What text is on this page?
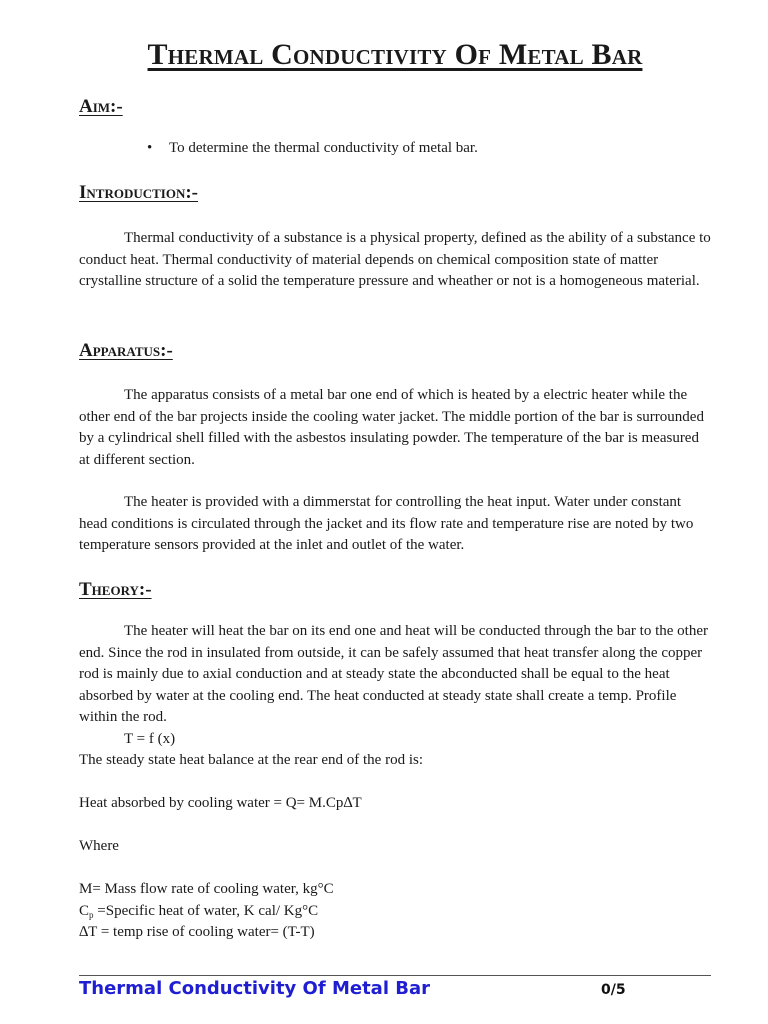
Thermal Conductivity Of Metal Bar
Aim:-
• To determine the thermal conductivity of metal bar.
Introduction:-

Thermal conductivity of a substance is a physical property, defined as the ability of a substance to conduct heat. Thermal conductivity of material depends on chemical composition state of matter crystalline structure of a solid the temperature pressure and wheather or not is a homogeneous material.

Apparatus:-

The apparatus consists of a metal bar one end of which is heated by a electric heater while the other end of the bar projects inside the cooling water jacket. The middle portion of the bar is surrounded by a cylindrical shell filled with the asbestos insulating powder. The temperature of the bar is measured at different section.

The heater is provided with a dimmerstat for controlling the heat input. Water under constant head conditions is circulated through the jacket and its flow rate and temperature rise are noted by two temperature sensors provided at the inlet and outlet of the water.

Theory:-

The heater will heat the bar on its end one and heat will be conducted through the bar to the other end. Since the rod in insulated from outside, it can be safely assumed that heat transfer along the copper rod is mainly due to axial conduction and at steady state the abconducted shall be equal to the heat absorbed by water at the cooling end. The heat conducted at steady state shall create a temp. Profile within the rod.

T = f (x)

The steady state heat balance at the rear end of the rod is:

Heat absorbed by cooling water = Q= M.Cp∆T

Where

M= Mass flow rate of cooling water, kg°C

$C_p$ =Specific heat of water, K cal/ Kg°C

∆T = temp rise of cooling water= (T-T)

Thermal Conductivity Of Metal Bar	0/5
